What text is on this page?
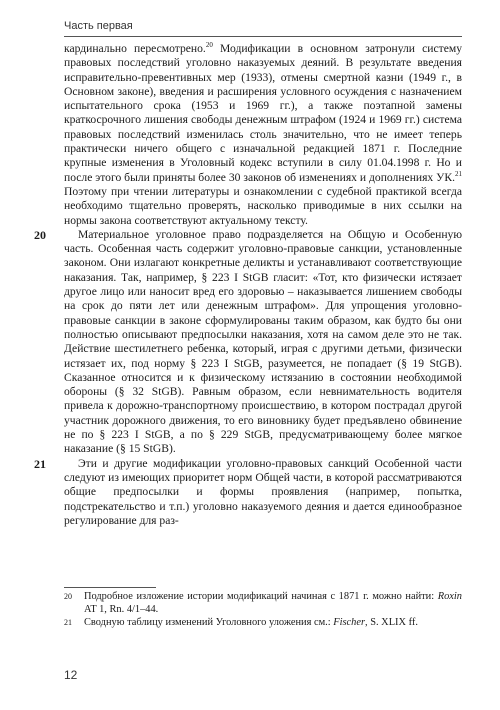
Часть первая

кардинально пересмотрено.$^{20}$ Модификации в основном затронули систему правовых последствий уголовно наказуемых деяний. В результате введения исправительно-превентивных мер (1933), отмены смертной казни (1949 г., в Основном законе), введения и расширения условного осуждения с назначением испытательного срока (1953 и 1969 гг.), а также поэтапной замены краткосрочного лишения свободы денежным штрафом (1924 и 1969 гг.) система правовых последствий изменилась столь значительно, что не имеет теперь практически ничего общего с изначальной редакцией 1871 г. Последние крупные изменения в Уголовный кодекс вступили в силу 01.04.1998 г. Но и после этого были приняты более 30 законов об изменениях и дополнениях УК.$^{21}$ Поэтому при чтении литературы и ознакомлении с судебной практикой всегда необходимо тщательно проверять, насколько приводимые в них ссылки на нормы закона соответствуют актуальному тексту.

20	Материальное уголовное право подразделяется на Общую и Особенную часть. Особенная часть содержит уголовно-правовые санкции, установленные законом. Они излагают конкретные деликты и устанавливают соответствующие наказания. Так, например, § 223 I StGB гласит: «Тот, кто физически истязает другое лицо или наносит вред его здоровью – наказывается лишением свободы на срок до пяти лет или денежным штрафом». Для упрощения уголовно-правовые санкции в законе сформулированы таким образом, как будто бы они полностью описывают предпосылки наказания, хотя на самом деле это не так. Действие шестилетнего ребенка, который, играя с другими детьми, физически истязает их, под норму § 223 I StGB, разумеется, не попадает (§ 19 StGB). Сказанное относится и к физическому истязанию в состоянии необходимой обороны (§ 32 StGB). Равным образом, если невнимательность водителя привела к дорожно-транспортному происшествию, в котором пострадал другой участник дорожного движения, то его виновнику будет предъявлено обвинение не по § 223 I StGB, а по § 229 StGB, предусматривающему более мягкое наказание (§ 15 StGB).

21	Эти и другие модификации уголовно-правовых санкций Особенной части следуют из имеющих приоритет норм Общей части, в которой рассматриваются общие предпосылки и формы проявления (например, попытка, подстрекательство и т.п.) уголовно наказуемого деяния и дается единообразное регулирование для раз-

20	Подробное изложение истории модификаций начиная с 1871 г. можно найти: Roxin AT 1, Rn. 4/1–44.
21	Сводную таблицу изменений Уголовного уложения см.: Fischer, S. XLIX ff.
12
